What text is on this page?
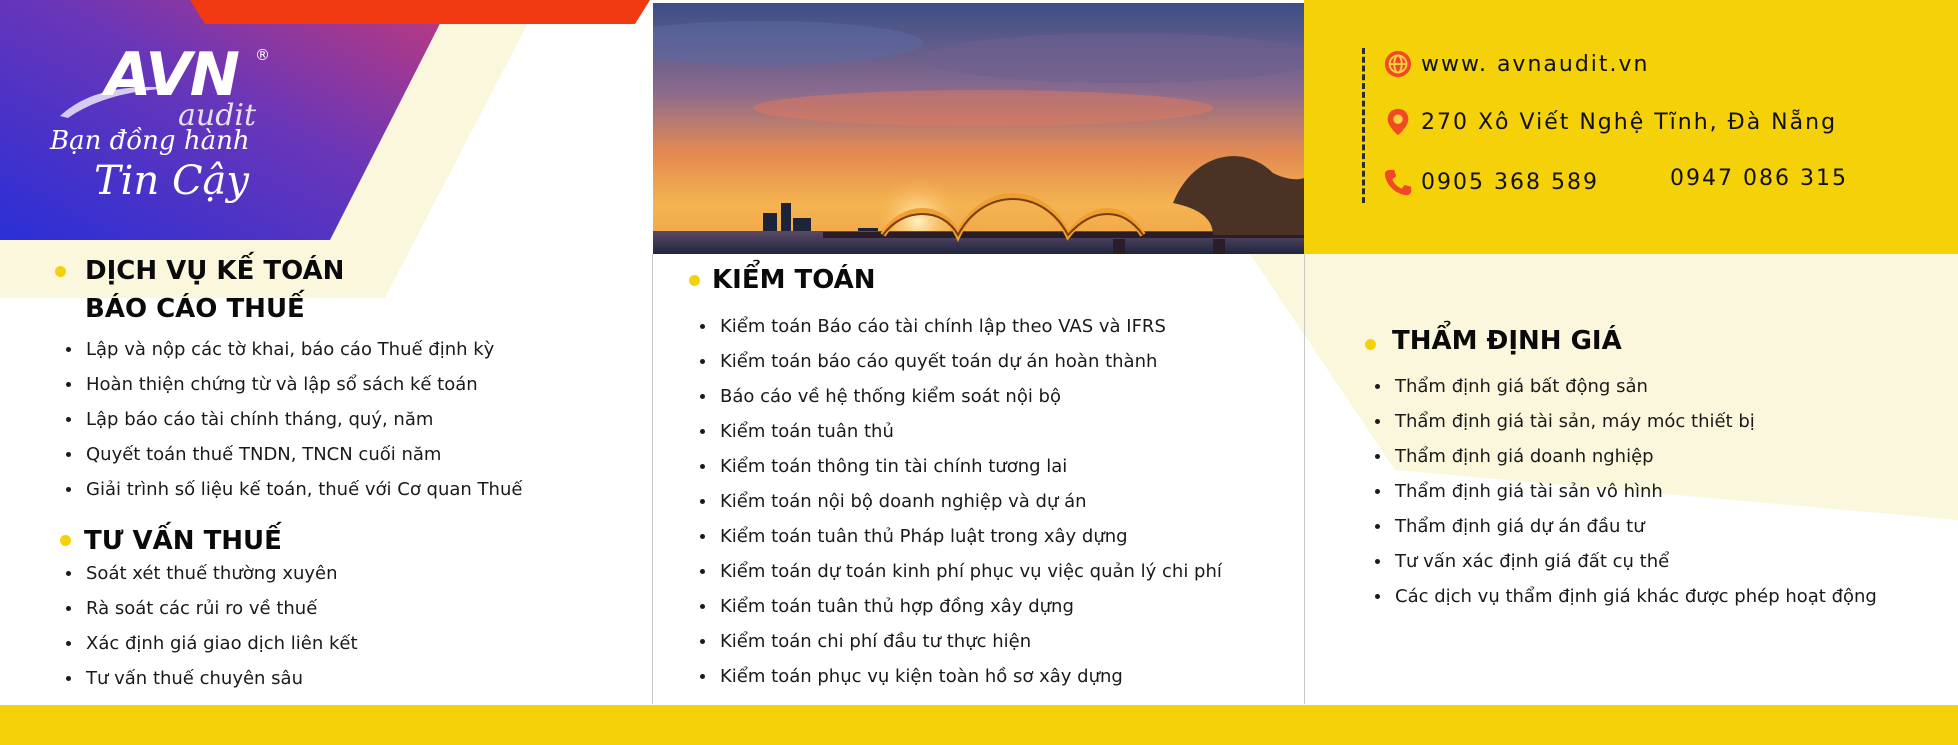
AVN ®
audit
Bạn đồng hành
Tin Cậy
www. avnaudit.vn
270 Xô Viết Nghệ Tĩnh, Đà Nẵng
0905 368 589	0947 086 315
DỊCH VỤ KẾ TOÁN
BÁO CÁO THUẾ
Lập và nộp các tờ khai, báo cáo Thuế định kỳ
Hoàn thiện chứng từ và lập sổ sách kế toán
Lập báo cáo tài chính tháng, quý, năm
Quyết toán thuế TNDN, TNCN cuối năm
Giải trình số liệu kế toán, thuế với Cơ quan Thuế
TƯ VẤN THUẾ
Soát xét thuế thường xuyên
Rà soát các rủi ro về thuế
Xác định giá giao dịch liên kết
Tư vấn thuế chuyên sâu
KIỂM TOÁN
Kiểm toán Báo cáo tài chính lập theo VAS và IFRS
Kiểm toán báo cáo quyết toán dự án hoàn thành
Báo cáo về hệ thống kiểm soát nội bộ
Kiểm toán tuân thủ
Kiểm toán thông tin tài chính tương lai
Kiểm toán nội bộ doanh nghiệp và dự án
Kiểm toán tuân thủ Pháp luật trong xây dựng
Kiểm toán dự toán kinh phí phục vụ việc quản lý chi phí
Kiểm toán tuân thủ hợp đồng xây dựng
Kiểm toán chi phí đầu tư thực hiện
Kiểm toán phục vụ kiện toàn hồ sơ xây dựng
THẨM ĐỊNH GIÁ
Thẩm định giá bất động sản
Thẩm định giá tài sản, máy móc thiết bị
Thẩm định giá doanh nghiệp
Thẩm định giá tài sản vô hình
Thẩm định giá dự án đầu tư
Tư vấn xác định giá đất cụ thể
Các dịch vụ thẩm định giá khác được phép hoạt động
